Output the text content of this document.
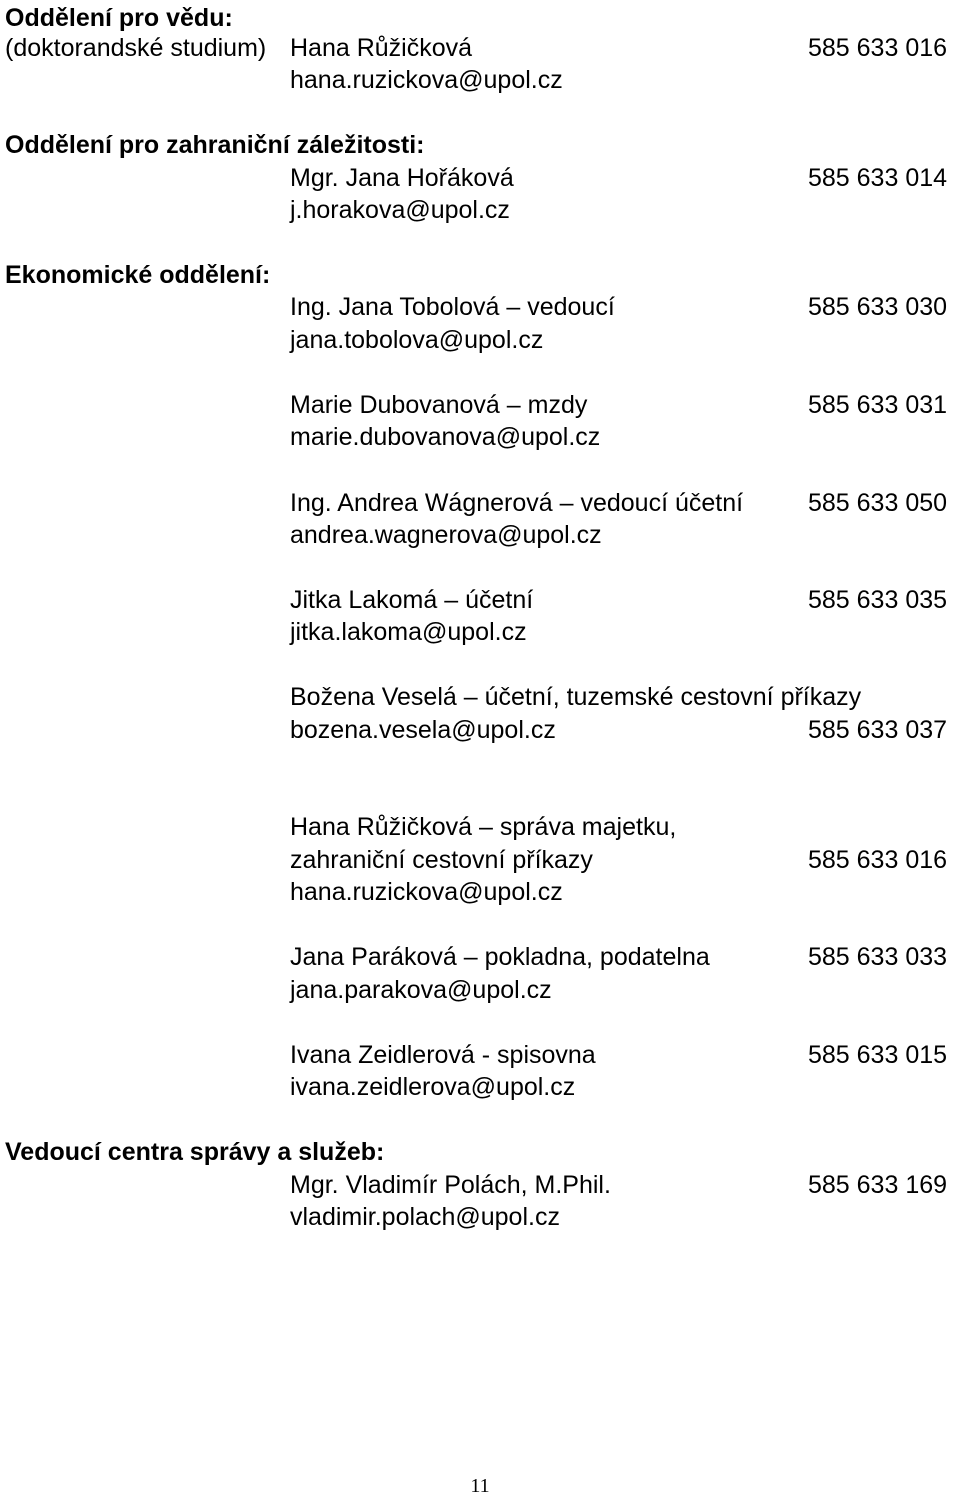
Oddělení pro vědu:
(doktorandské studium) Hana Růžičková	585 633 016
hana.ruzickova@upol.cz
Oddělení pro zahraniční záležitosti:
Mgr. Jana Hořáková	585 633 014
j.horakova@upol.cz
Ekonomické oddělení:
Ing. Jana Tobolová – vedoucí	585 633 030
jana.tobolova@upol.cz
Marie Dubovanová – mzdy	585 633 031
marie.dubovanova@upol.cz
Ing. Andrea Wágnerová – vedoucí účetní	585 633 050
andrea.wagnerova@upol.cz
Jitka Lakomá – účetní	585 633 035
jitka.lakoma@upol.cz
Božena Veselá – účetní, tuzemské cestovní příkazy
bozena.vesela@upol.cz	585 633 037
Hana Růžičková – správa majetku,
zahraniční cestovní příkazy	585 633 016
hana.ruzickova@upol.cz
Jana Paráková – pokladna, podatelna	585 633 033
jana.parakova@upol.cz
Ivana Zeidlerová - spisovna	585 633 015
ivana.zeidlerova@upol.cz
Vedoucí centra správy a služeb:
Mgr. Vladimír Polách, M.Phil.	585 633 169
vladimir.polach@upol.cz
11
